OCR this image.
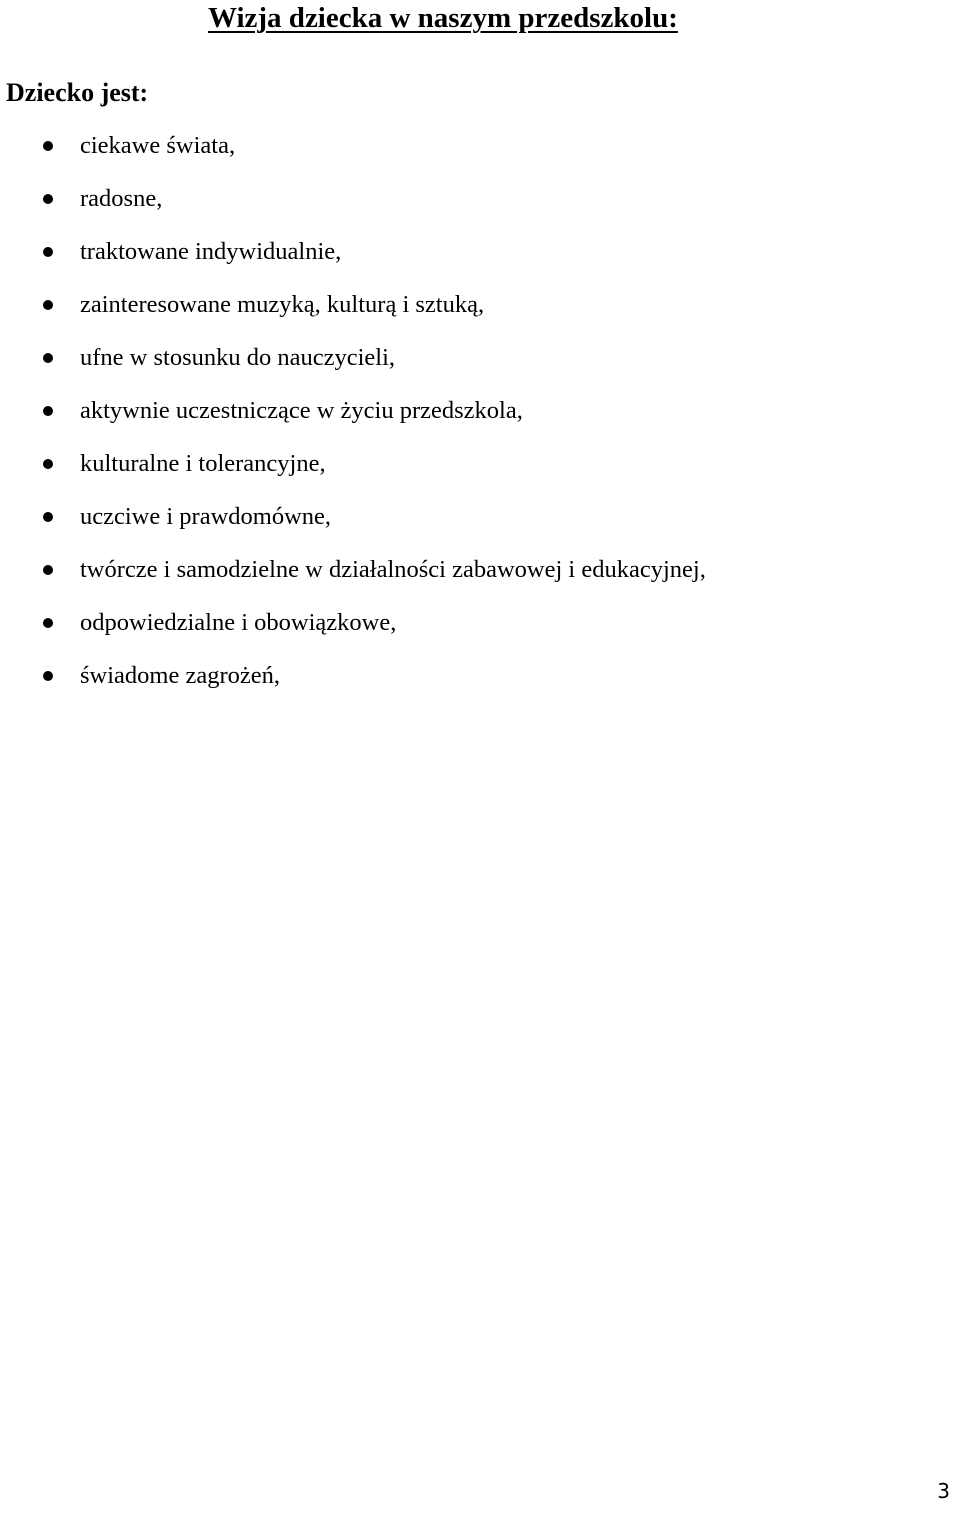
Wizja dziecka w naszym przedszkolu:
Dziecko jest:
ciekawe świata,
radosne,
traktowane indywidualnie,
zainteresowane muzyką, kulturą i sztuką,
ufne w stosunku do nauczycieli,
aktywnie uczestniczące w życiu przedszkola,
kulturalne i tolerancyjne,
uczciwe i prawdomówne,
twórcze i samodzielne w działalności zabawowej i edukacyjnej,
odpowiedzialne i obowiązkowe,
świadome zagrożeń,
3
